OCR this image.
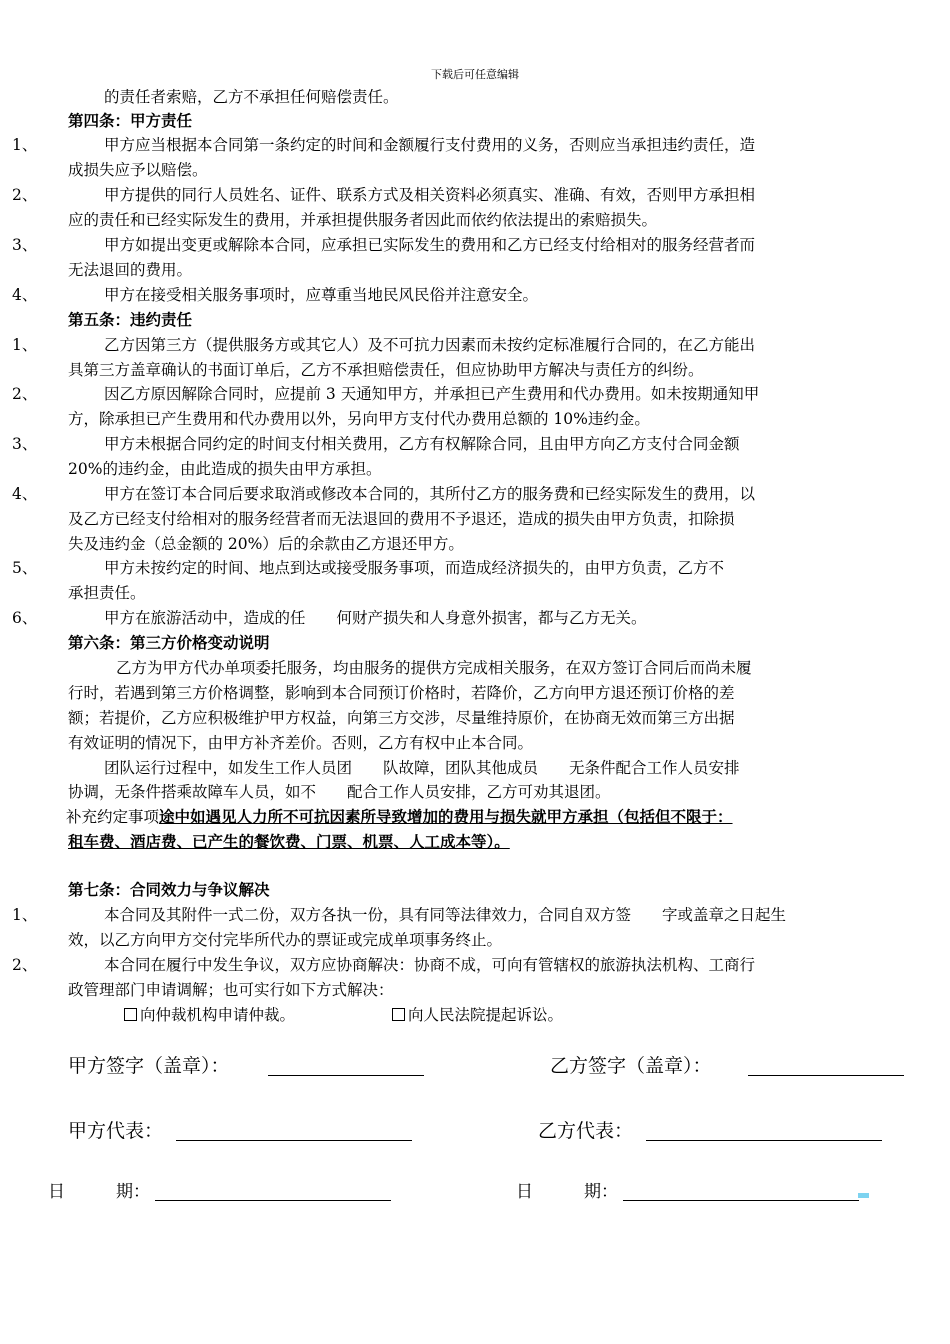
下载后可任意编辑
的责任者索赔，乙方不承担任何赔偿责任。
第四条：甲方责任
1、	甲方应当根据本合同第一条约定的时间和金额履行支付费用的义务，否则应当承担违约责任，造
成损失应予以赔偿。
2、	甲方提供的同行人员姓名、证件、联系方式及相关资料必须真实、准确、有效，否则甲方承担相
应的责任和已经实际发生的费用，并承担提供服务者因此而依约依法提出的索赔损失。
3、	甲方如提出变更或解除本合同，应承担已实际发生的费用和乙方已经支付给相对的服务经营者而
无法退回的费用。
4、	甲方在接受相关服务事项时，应尊重当地民风民俗并注意安全。
第五条：违约责任
1、	乙方因第三方（提供服务方或其它人）及不可抗力因素而未按约定标准履行合同的，在乙方能出
具第三方盖章确认的书面订单后，乙方不承担赔偿责任，但应协助甲方解决与责任方的纠纷。
2、	因乙方原因解除合同时，应提前 3 天通知甲方，并承担已产生费用和代办费用。如未按期通知甲
方，除承担已产生费用和代办费用以外，另向甲方支付代办费用总额的 10%违约金。
3、	甲方未根据合同约定的时间支付相关费用，乙方有权解除合同，且由甲方向乙方支付合同金额
20%的违约金，由此造成的损失由甲方承担。
4、	甲方在签订本合同后要求取消或修改本合同的，其所付乙方的服务费和已经实际发生的费用，以
及乙方已经支付给相对的服务经营者而无法退回的费用不予退还，造成的损失由甲方负责，扣除损
失及违约金（总金额的 20%）后的余款由乙方退还甲方。
5、	甲方未按约定的时间、地点到达或接受服务事项，而造成经济损失的，由甲方负责，乙方不
承担责任。
6、	甲方在旅游活动中，造成的任　　何财产损失和人身意外损害，都与乙方无关。
第六条：第三方价格变动说明
乙方为甲方代办单项委托服务，均由服务的提供方完成相关服务，在双方签订合同后而尚未履
行时，若遇到第三方价格调整，影响到本合同预订价格时，若降价，乙方向甲方退还预订价格的差
额；若提价，乙方应积极维护甲方权益，向第三方交涉，尽量维持原价，在协商无效而第三方出据
有效证明的情况下，由甲方补齐差价。否则，乙方有权中止本合同。
团队运行过程中，如发生工作人员团　　队故障，团队其他成员　　无条件配合工作人员安排
协调，无条件搭乘故障车人员，如不　　配合工作人员安排，乙方可劝其退团。
补充约定事项途中如遇见人力所不可抗因素所导致增加的费用与损失就甲方承担（包括但不限于：
租车费、酒店费、已产生的餐饮费、门票、机票、人工成本等）。
第七条：合同效力与争议解决
1、	本合同及其附件一式二份，双方各执一份，具有同等法律效力，合同自双方签　　字或盖章之日起生
效，以乙方向甲方交付完毕所代办的票证或完成单项事务终止。
2、	本合同在履行中发生争议，双方应协商解决：协商不成，可向有管辖权的旅游执法机构、工商行
政管理部门申请调解；也可实行如下方式解决：
向仲裁机构申请仲裁。	向人民法院提起诉讼。
甲方签字（盖章）：	乙方签字（盖章）：
甲方代表：	乙方代表：
日　　　期：	日　　　期：
